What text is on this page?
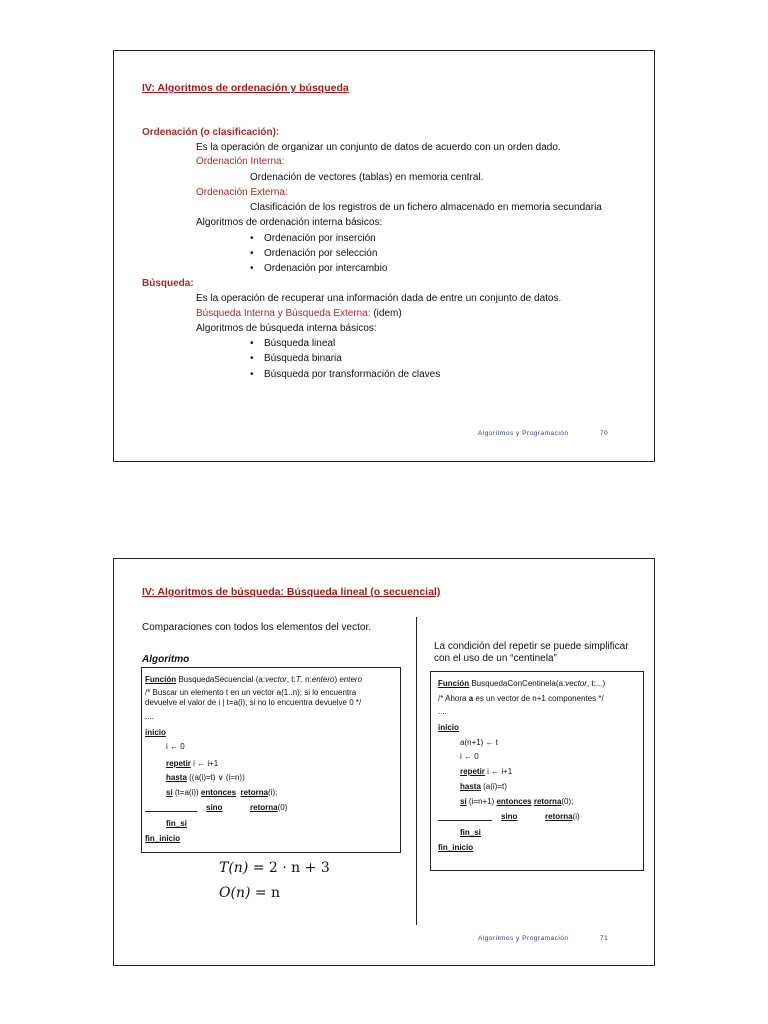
IV: Algoritmos de ordenación y búsqueda
Ordenación (o clasificación):
Es la operación de organizar un conjunto de datos de acuerdo con un orden dado.
Ordenación Interna:
Ordenación de vectores (tablas) en memoria central.
Ordenación Externa:
Clasificación de los registros de un fichero almacenado en memoria secundaria
Algoritmos de ordenación interna básicos:
• Ordenación por inserción
• Ordenación por selección
• Ordenación por intercambio
Búsqueda:
Es la operación de recuperar una información dada de entre un conjunto de datos.
Búsqueda Interna y Búsqueda Externa: (idem)
Algoritmos de búsqueda interna básicos:
• Búsqueda lineal
• Búsqueda binaria
• Búsqueda por transformación de claves
Algoritmos y Programación	70
IV: Algoritmos de búsqueda: Búsqueda lineal (o secuencial)
Comparaciones con todos los elementos del vector.
Algoritmo
La condición del repetir se puede simplificar
con el uso de un “centinela”
Función BusquedaSecuencial (a:vector, t:T, n:entero) entero
/* Buscar un elemento t en un vector a(1..n); si lo encuentra
devuelve el valor de i | t=a(i); si no lo encuentra devuelve 0 */
....
inicio
i ← 0
repetir i ← i+1
hasta ((a(i)=t) ∨ (i=n))
si (t=a(i)) entonces retorna(i);
sino	retorna(0)
fin_si
fin_inicio
Función BusquedaConCentinela(a:vector, t:...)
/* Ahora a es un vector de n+1 componentes */
....
inicio
a(n+1) ← t
i ← 0
repetir i ← i+1
hasta (a(i)=t)
si (i=n+1) entonces retorna(0);
sino	retorna(i)
fin_si
fin_inicio
T(n) = 2 · n + 3
O(n) = n
Algoritmos y Programación	71
